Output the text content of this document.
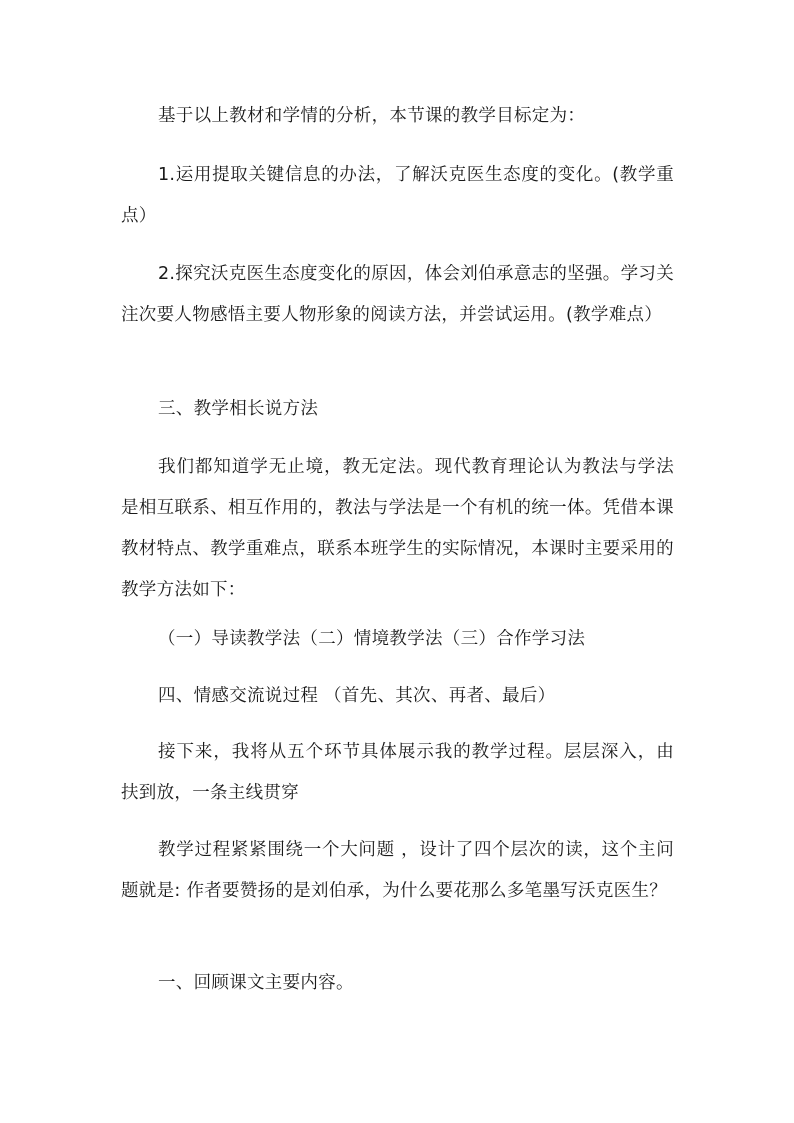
基于以上教材和学情的分析，本节课的教学目标定为：

1.运用提取关键信息的办法，了解沃克医生态度的变化。(教学重点）

2.探究沃克医生态度变化的原因，体会刘伯承意志的坚强。学习关注次要人物感悟主要人物形象的阅读方法，并尝试运用。(教学难点）

三、教学相长说方法

我们都知道学无止境，教无定法。现代教育理论认为教法与学法是相互联系、相互作用的，教法与学法是一个有机的统一体。凭借本课教材特点、教学重难点，联系本班学生的实际情况，本课时主要采用的教学方法如下：

（一）导读教学法（二）情境教学法（三）合作学习法

四、情感交流说过程 （首先、其次、再者、最后）

接下来，我将从五个环节具体展示我的教学过程。层层深入，由扶到放，一条主线贯穿

教学过程紧紧围绕一个大问题 ，设计了四个层次的读，这个主问题就是: 作者要赞扬的是刘伯承，为什么要花那么多笔墨写沃克医生？

一、回顾课文主要内容。
